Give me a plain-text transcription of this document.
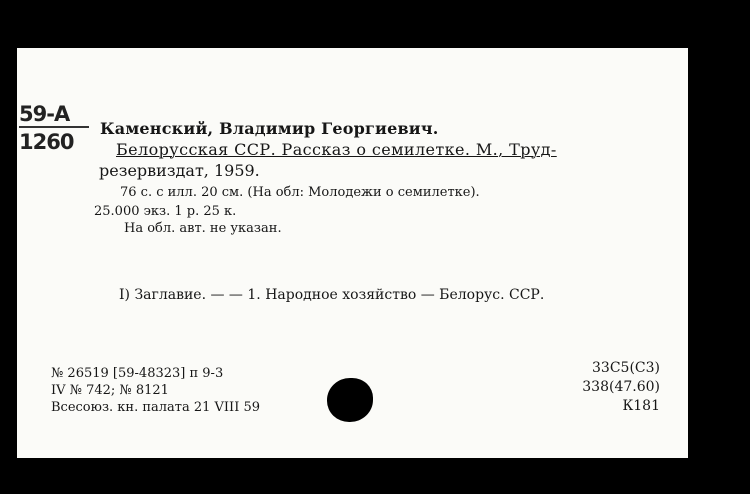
59-A
1260
Каменский, Владимир Георгиевич.
Белорусская ССР. Рассказ о семилетке. М., Труд-
резервиздат, 1959.
76 с. с илл. 20 см. (На обл: Молодежи о семилетке).
25.000 экз. 1 р. 25 к.
На обл. авт. не указан.
I) Заглавие. — — 1. Народное хозяйство — Белорус. ССР.
№ 26519 [59-48323] п 9-3
IV № 742; № 8121
Всесоюз. кн. палата 21 VIII 59
33С5(С3)
338(47.60)
К181
